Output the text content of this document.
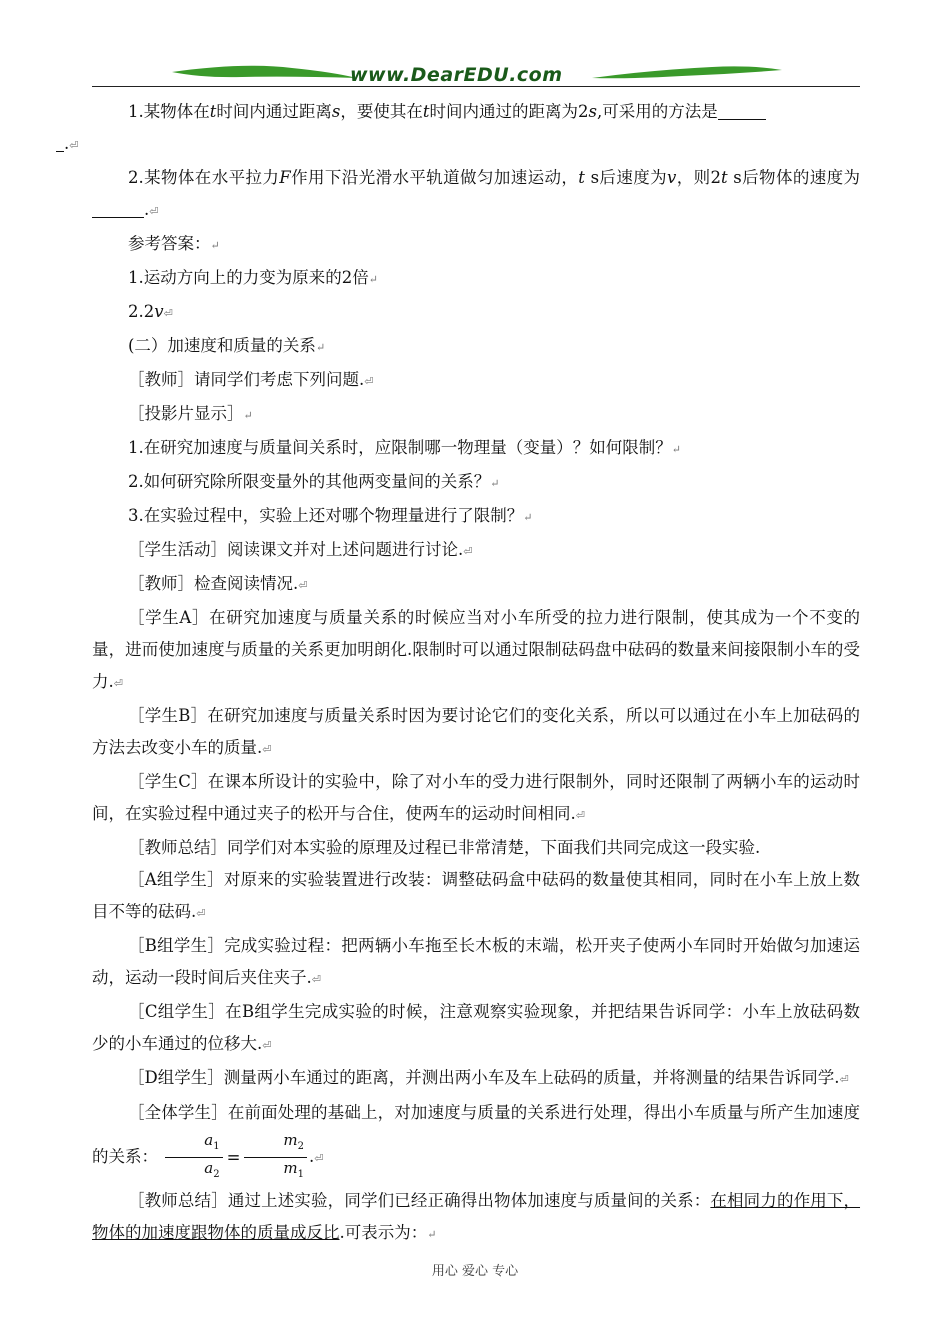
www.DearEDU.com

1.某物体在t时间内通过距离s，要使其在t时间内通过的距离为2s,可采用的方法是
.⏎

2.某物体在水平拉力F作用下沿光滑水平轨道做匀加速运动，t s后速度为v，则2t s后物体的速度为.⏎

参考答案：↵

1.运动方向上的力变为原来的2倍↵

2.2v⏎

(二）加速度和质量的关系↵

［教师］请同学们考虑下列问题.⏎

［投影片显示］↵

1.在研究加速度与质量间关系时，应限制哪一物理量（变量）？如何限制？↵

2.如何研究除所限变量外的其他两变量间的关系？↵

3.在实验过程中，实验上还对哪个物理量进行了限制？↵

［学生活动］阅读课文并对上述问题进行讨论.⏎

［教师］检查阅读情况.⏎

［学生A］在研究加速度与质量关系的时候应当对小车所受的拉力进行限制，使其成为一个不变的量，进而使加速度与质量的关系更加明朗化.限制时可以通过限制砝码盘中砝码的数量来间接限制小车的受力.⏎

［学生B］在研究加速度与质量关系时因为要讨论它们的变化关系，所以可以通过在小车上加砝码的方法去改变小车的质量.⏎

［学生C］在课本所设计的实验中，除了对小车的受力进行限制外，同时还限制了两辆小车的运动时间，在实验过程中通过夹子的松开与合住，使两车的运动时间相同.⏎

［教师总结］同学们对本实验的原理及过程已非常清楚，下面我们共同完成这一段实验.

［A组学生］对原来的实验装置进行改装：调整砝码盒中砝码的数量使其相同，同时在小车上放上数目不等的砝码.⏎

［B组学生］完成实验过程：把两辆小车拖至长木板的末端，松开夹子使两小车同时开始做匀加速运动，运动一段时间后夹住夹子.⏎

［C组学生］在B组学生完成实验的时候，注意观察实验现象，并把结果告诉同学：小车上放砝码数少的小车通过的位移大.⏎

［D组学生］测量两小车通过的距离，并测出两小车及车上砝码的质量，并将测量的结果告诉同学.⏎

［全体学生］在前面处理的基础上，对加速度与质量的关系进行处理，得出小车质量与所产生加速度的关系： $\frac{a_1}{a_2} = \frac{m_2}{m_1}$ .⏎

［教师总结］通过上述实验，同学们已经正确得出物体加速度与质量间的关系：在相同力的作用下，物体的加速度跟物体的质量成反比.可表示为：↵

用心 爱心 专心
